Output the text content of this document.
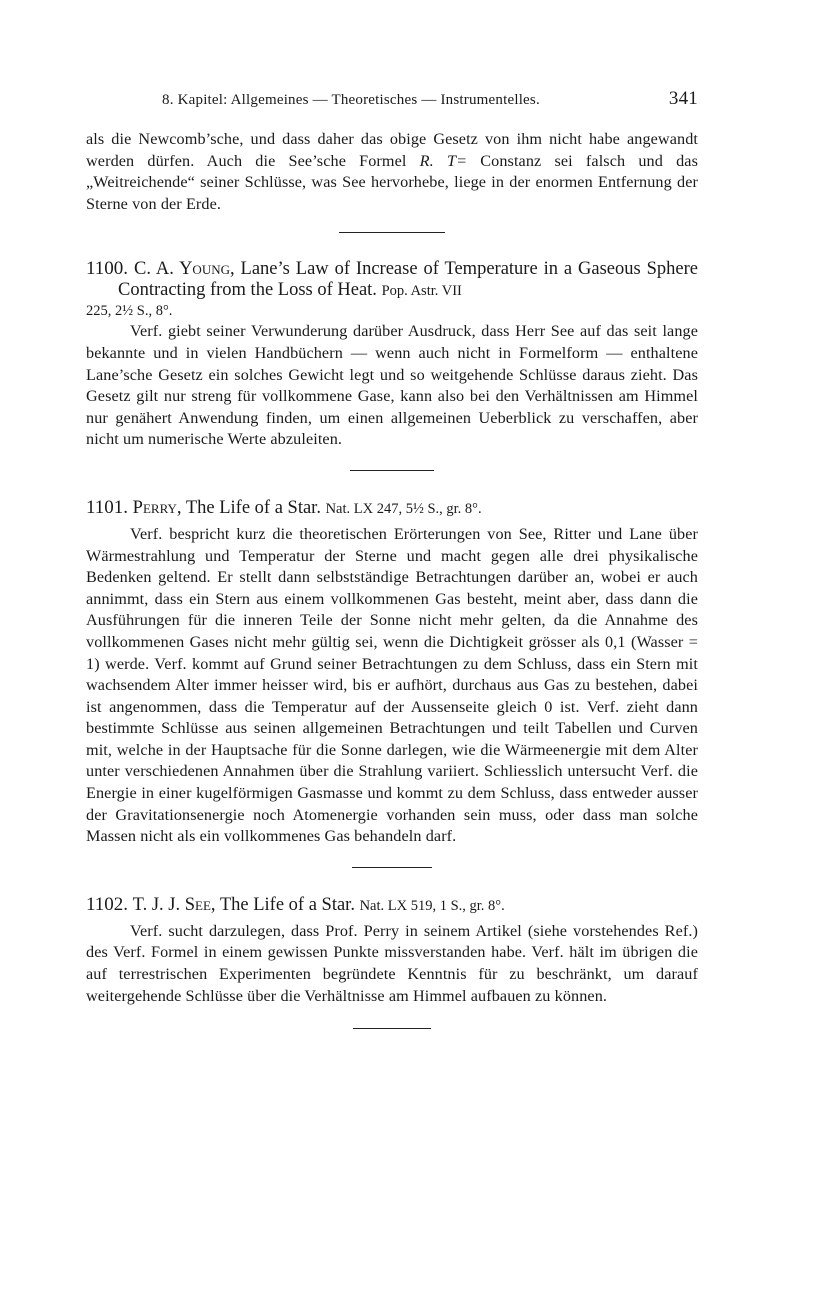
8. Kapitel: Allgemeines — Theoretisches — Instrumentelles.	341

als die Newcomb’sche, und dass daher das obige Gesetz von ihm nicht habe angewandt werden dürfen. Auch die See’sche Formel R. T= Constanz sei falsch und das „Weitreichende“ seiner Schlüsse, was See hervorhebe, liege in der enormen Entfernung der Sterne von der Erde.

1100. C. A. Young, Lane’s Law of Increase of Temperature in a Gaseous Sphere Contracting from the Loss of Heat. Pop. Astr. VII
225, 2½ S., 8°.

Verf. giebt seiner Verwunderung darüber Ausdruck, dass Herr See auf das seit lange bekannte und in vielen Handbüchern — wenn auch nicht in Formelform — enthaltene Lane’sche Gesetz ein solches Gewicht legt und so weitgehende Schlüsse daraus zieht. Das Gesetz gilt nur streng für vollkommene Gase, kann also bei den Verhältnissen am Himmel nur genähert Anwendung finden, um einen allgemeinen Ueberblick zu verschaffen, aber nicht um numerische Werte abzuleiten.

1101. Perry, The Life of a Star. Nat. LX 247, 5½ S., gr. 8°.

Verf. bespricht kurz die theoretischen Erörterungen von See, Ritter und Lane über Wärmestrahlung und Temperatur der Sterne und macht gegen alle drei physikalische Bedenken geltend. Er stellt dann selbstständige Betrachtungen darüber an, wobei er auch annimmt, dass ein Stern aus einem vollkommenen Gas besteht, meint aber, dass dann die Ausführungen für die inneren Teile der Sonne nicht mehr gelten, da die Annahme des vollkommenen Gases nicht mehr gültig sei, wenn die Dichtigkeit grösser als 0,1 (Wasser = 1) werde. Verf. kommt auf Grund seiner Betrachtungen zu dem Schluss, dass ein Stern mit wachsendem Alter immer heisser wird, bis er aufhört, durchaus aus Gas zu bestehen, dabei ist angenommen, dass die Temperatur auf der Aussenseite gleich 0 ist. Verf. zieht dann bestimmte Schlüsse aus seinen allgemeinen Betrachtungen und teilt Tabellen und Curven mit, welche in der Hauptsache für die Sonne darlegen, wie die Wärmeenergie mit dem Alter unter verschiedenen Annahmen über die Strahlung variiert. Schliesslich untersucht Verf. die Energie in einer kugelförmigen Gasmasse und kommt zu dem Schluss, dass entweder ausser der Gravitationsenergie noch Atomenergie vorhanden sein muss, oder dass man solche Massen nicht als ein vollkommenes Gas behandeln darf.

1102. T. J. J. See, The Life of a Star. Nat. LX 519, 1 S., gr. 8°.

Verf. sucht darzulegen, dass Prof. Perry in seinem Artikel (siehe vorstehendes Ref.) des Verf. Formel in einem gewissen Punkte missverstanden habe. Verf. hält im übrigen die auf terrestrischen Experimenten begründete Kenntnis für zu beschränkt, um darauf weitergehende Schlüsse über die Verhältnisse am Himmel aufbauen zu können.
